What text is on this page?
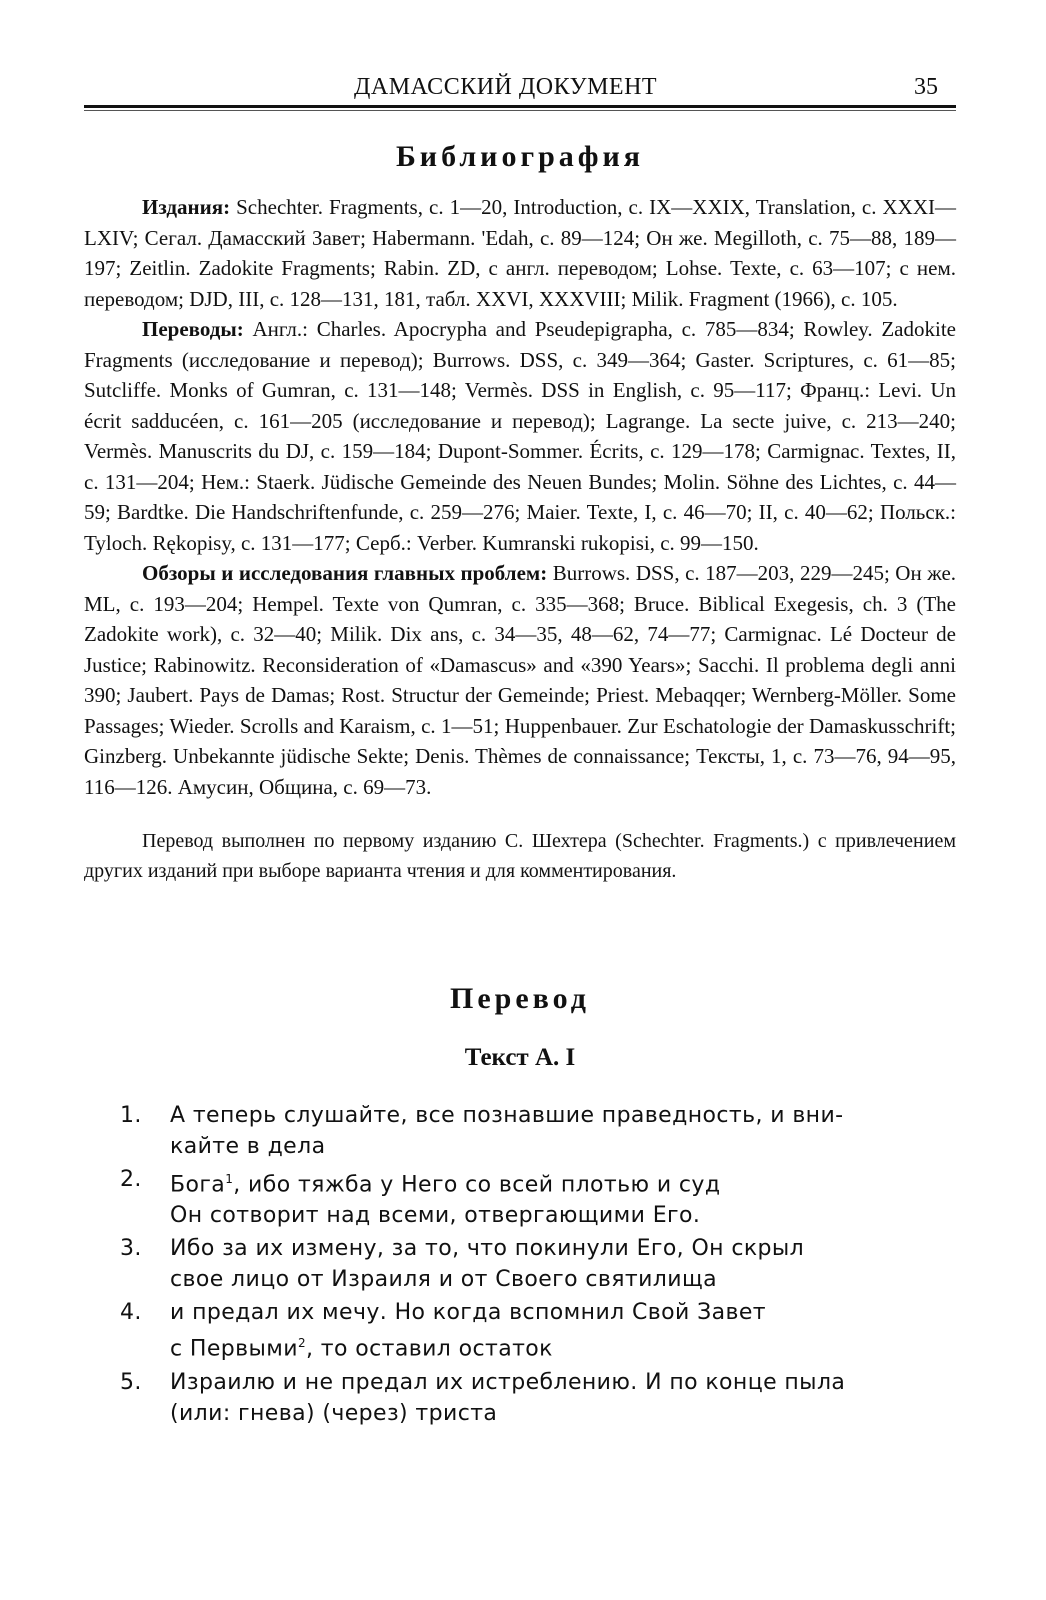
ДАМАССКИЙ ДОКУМЕНТ	35
Библиография

Издания: Schechter. Fragments, c. 1—20, Introduction, c. IX—XXIX, Translation, c. XXXI—LXIV; Сегал. Дамасский Завет; Habermann. 'Edah, c. 89—124; Он же. Megilloth, c. 75—88, 189—197; Zeitlin. Zadokite Fragments; Rabin. ZD, с англ. переводом; Lohse. Texte, c. 63—107; с нем. переводом; DJD, III, c. 128—131, 181, табл. XXVI, XXXVIII; Milik. Fragment (1966), c. 105.

Переводы: Англ.: Charles. Apocrypha and Pseudepigrapha, c. 785—834; Rowley. Zadokite Fragments (исследование и перевод); Burrows. DSS, c. 349—364; Gaster. Scriptures, c. 61—85; Sutcliffe. Monks of Gumran, c. 131—148; Vermès. DSS in English, c. 95—117; Франц.: Levi. Un écrit sadducéen, c. 161—205 (исследование и перевод); Lagrange. La secte juive, c. 213—240; Vermès. Manuscrits du DJ, c. 159—184; Dupont-Sommer. Écrits, c. 129—178; Carmignac. Textes, II, c. 131—204; Нем.: Staerk. Jüdische Gemeinde des Neuen Bundes; Molin. Söhne des Lichtes, c. 44—59; Bardtke. Die Handschriftenfunde, c. 259—276; Maier. Texte, I, c. 46—70; II, c. 40—62; Польск.: Tyloch. Rękopisy, c. 131—177; Серб.: Verber. Kumranski rukopisi, c. 99—150.

Обзоры и исследования главных проблем: Burrows. DSS, c. 187—203, 229—245; Он же. ML, c. 193—204; Hempel. Texte von Qumran, c. 335—368; Bruce. Biblical Exegesis, ch. 3 (The Zadokite work), c. 32—40; Milik. Dix ans, c. 34—35, 48—62, 74—77; Carmignac. Lé Docteur de Justice; Rabinowitz. Reconsideration of «Damascus» and «390 Years»; Sacchi. Il problema degli anni 390; Jaubert. Pays de Damas; Rost. Structur der Gemeinde; Priest. Mebaqqer; Wernberg-Möller. Some Passages; Wieder. Scrolls and Karaism, c. 1—51; Huppenbauer. Zur Eschatologie der Damaskusschrift; Ginzberg. Unbekannte jüdische Sekte; Denis. Thèmes de connaissance; Тексты, 1, c. 73—76, 94—95, 116—126. Амусин, Община, c. 69—73.

Перевод выполнен по первому изданию С. Шехтера (Schechter. Fragments.) с привлечением других изданий при выборе варианта чтения и для комментирования.

Перевод
Текст А. I
1. А теперь слушайте, все познавшие праведность, и вни-
кайте в дела
2. Бога$^1$, ибо тяжба у Него со всей плотью и суд
Он сотворит над всеми, отвергающими Его.
3. Ибо за их измену, за то, что покинули Его, Он скрыл
свое лицо от Израиля и от Своего святилища
4. и предал их мечу. Но когда вспомнил Свой Завет
с Первыми$^2$, то оставил остаток
5. Израилю и не предал их истреблению. И по конце пыла
(или: гнева) (через) триста
